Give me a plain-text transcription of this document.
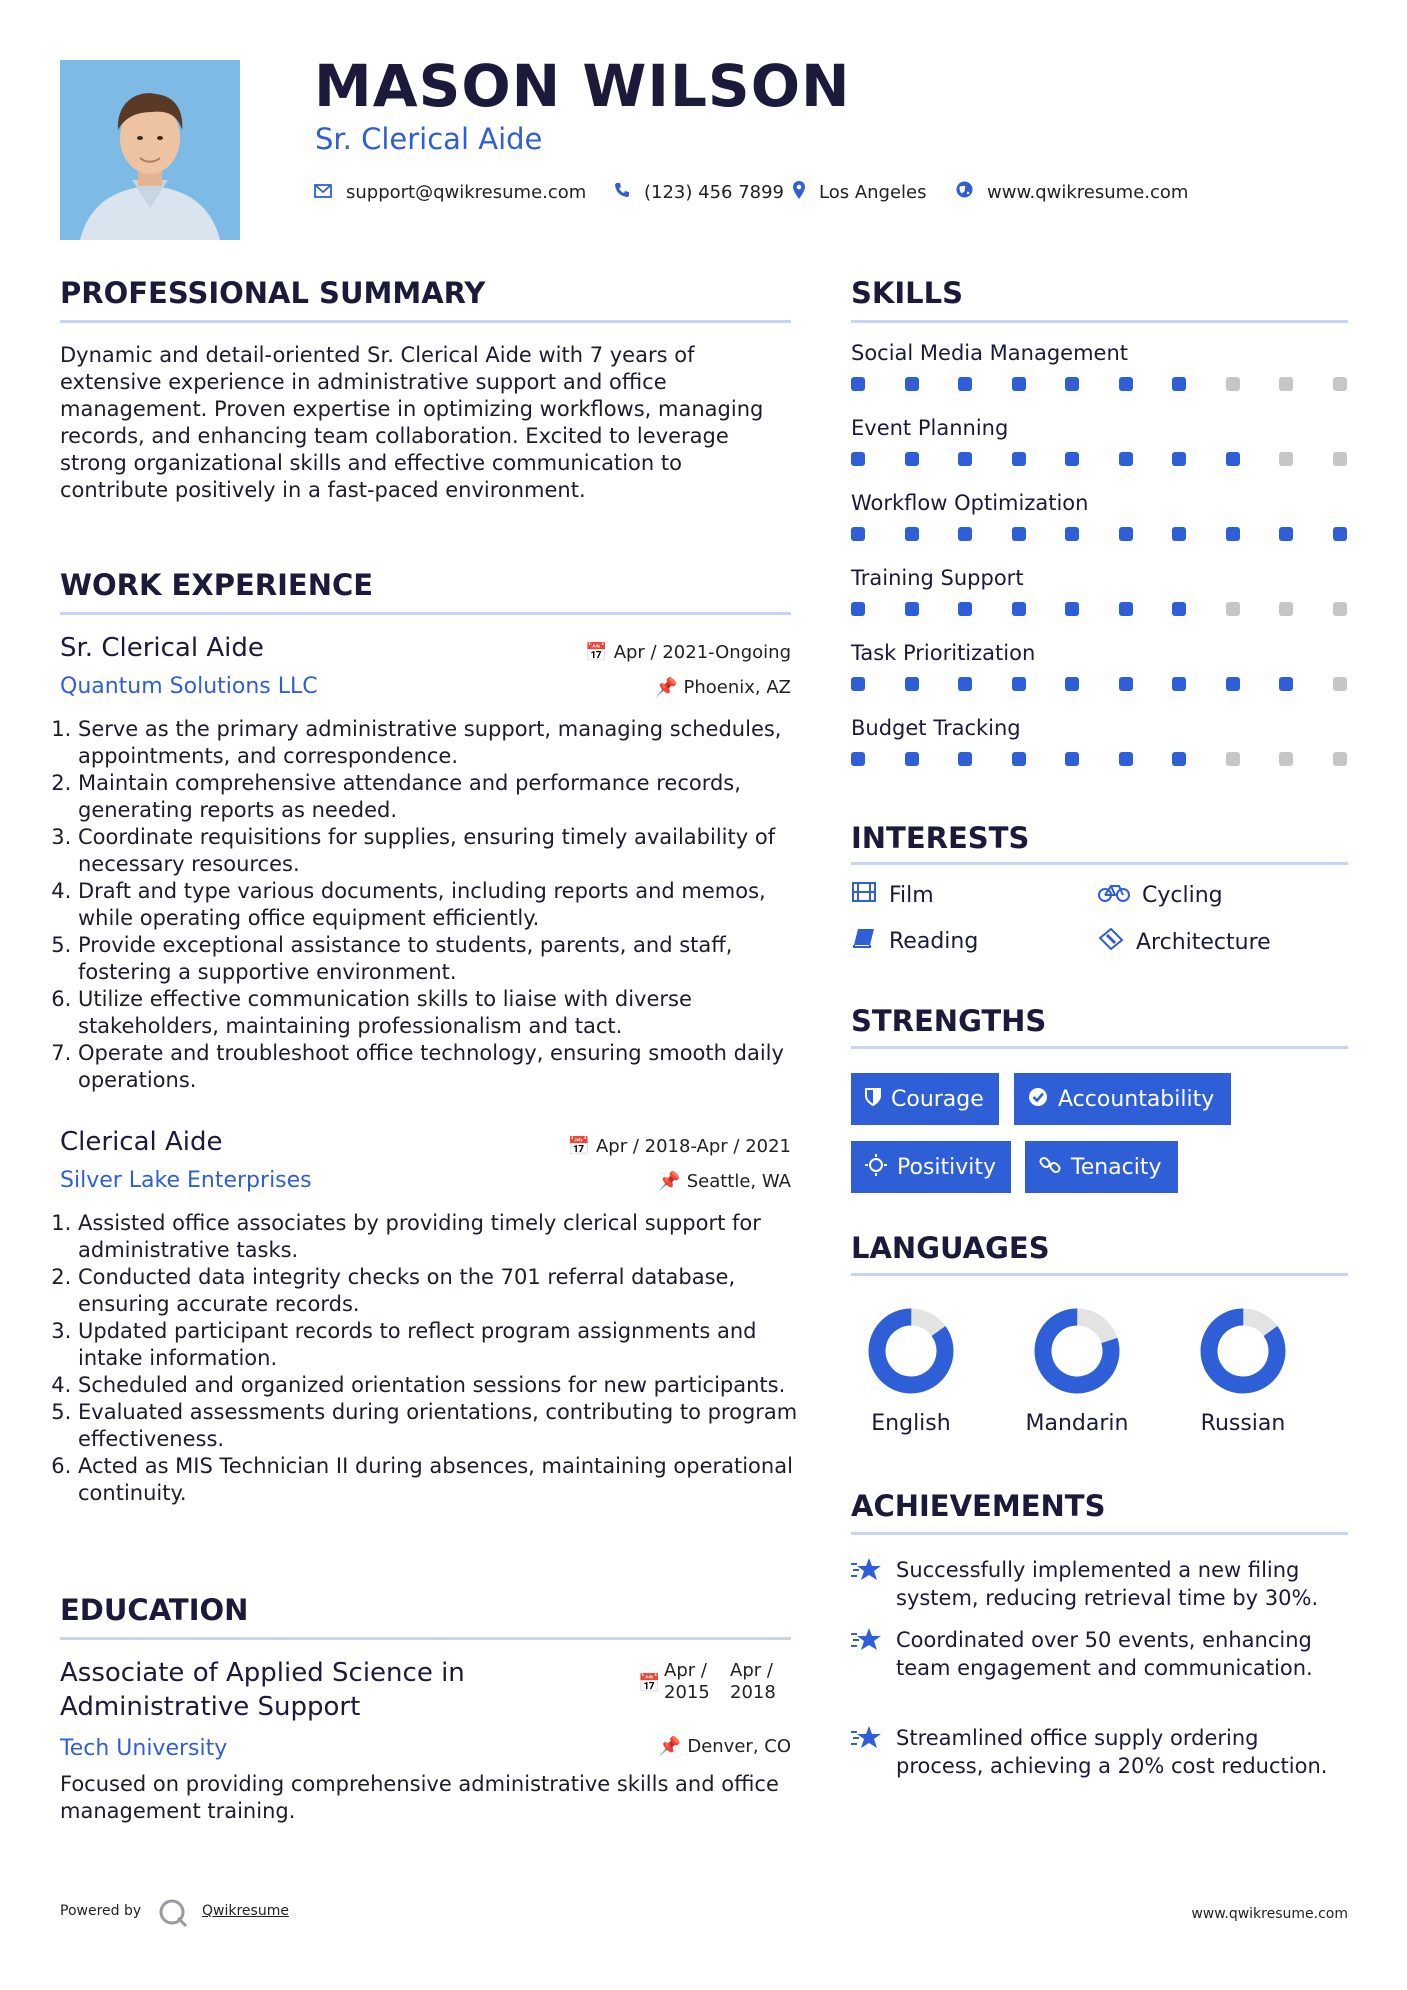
MASON WILSON
Sr. Clerical Aide
support@qwikresume.com	(123) 456 7899 Los Angeles	www.qwikresume.com
PROFESSIONAL SUMMARY
Dynamic and detail-oriented Sr. Clerical Aide with 7 years of extensive experience in administrative support and office management. Proven expertise in optimizing workflows, managing records, and enhancing team collaboration. Excited to leverage strong organizational skills and effective communication to contribute positively in a fast-paced environment.
WORK EXPERIENCE
Sr. Clerical Aide
Quantum Solutions LLC
📅 Apr / 2021-Ongoing
📌 Phoenix, AZ
1. Serve as the primary administrative support, managing schedules, appointments, and correspondence.
2. Maintain comprehensive attendance and performance records, generating reports as needed.
3. Coordinate requisitions for supplies, ensuring timely availability of necessary resources.
4. Draft and type various documents, including reports and memos, while operating office equipment efficiently.
5. Provide exceptional assistance to students, parents, and staff, fostering a supportive environment.
6. Utilize effective communication skills to liaise with diverse stakeholders, maintaining professionalism and tact.
7. Operate and troubleshoot office technology, ensuring smooth daily operations.
Clerical Aide
Silver Lake Enterprises
📅 Apr / 2018-Apr / 2021
📌 Seattle, WA
1. Assisted office associates by providing timely clerical support for administrative tasks.
2. Conducted data integrity checks on the 701 referral database, ensuring accurate records.
3. Updated participant records to reflect program assignments and intake information.
4. Scheduled and organized orientation sessions for new participants.
5. Evaluated assessments during orientations, contributing to program effectiveness.
6. Acted as MIS Technician II during absences, maintaining operational continuity.
EDUCATION
Associate of Applied Science in
Administrative Support
Tech University
📅
Apr /
2015
Apr /
2018
📌 Denver, CO
Focused on providing comprehensive administrative skills and office management training.
SKILLS
Social Media Management
Event Planning
Workflow Optimization
Training Support
Task Prioritization
Budget Tracking
INTERESTS
Film	Cycling
Reading	Architecture
STRENGTHS
Courage	Accountability
Positivity	Tenacity
LANGUAGES
English	Mandarin	Russian
ACHIEVEMENTS
Successfully implemented a new filing system, reducing retrieval time by 30%.
Coordinated over 50 events, enhancing team engagement and communication.
Streamlined office supply ordering process, achieving a 20% cost reduction.
Powered by	Qwikresume	www.qwikresume.com
